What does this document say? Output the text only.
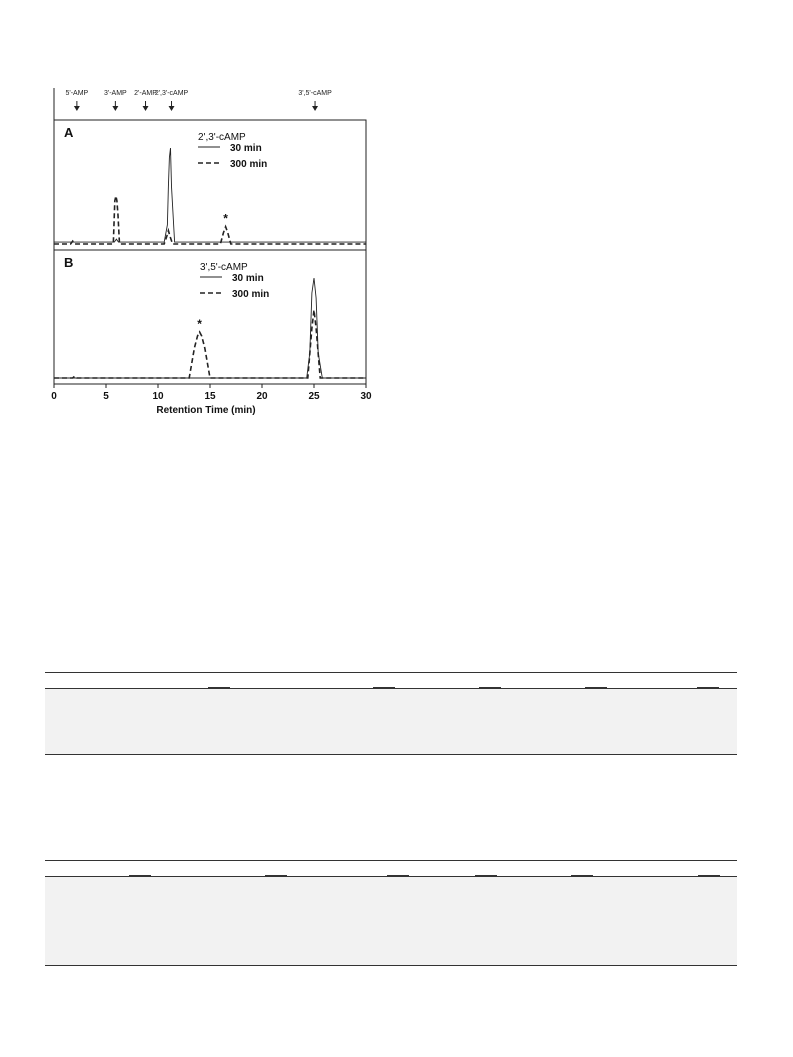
5'-AMP 3'-AMP 2'-AMP
2',3'-cAMP	3',5'-cAMP
A	2',3'-cAMP
30 min
300 min
*
B	3',5'-cAMP
30 min
300 min
*
0	5	10	15	20	25	30
Retention Time (min)
